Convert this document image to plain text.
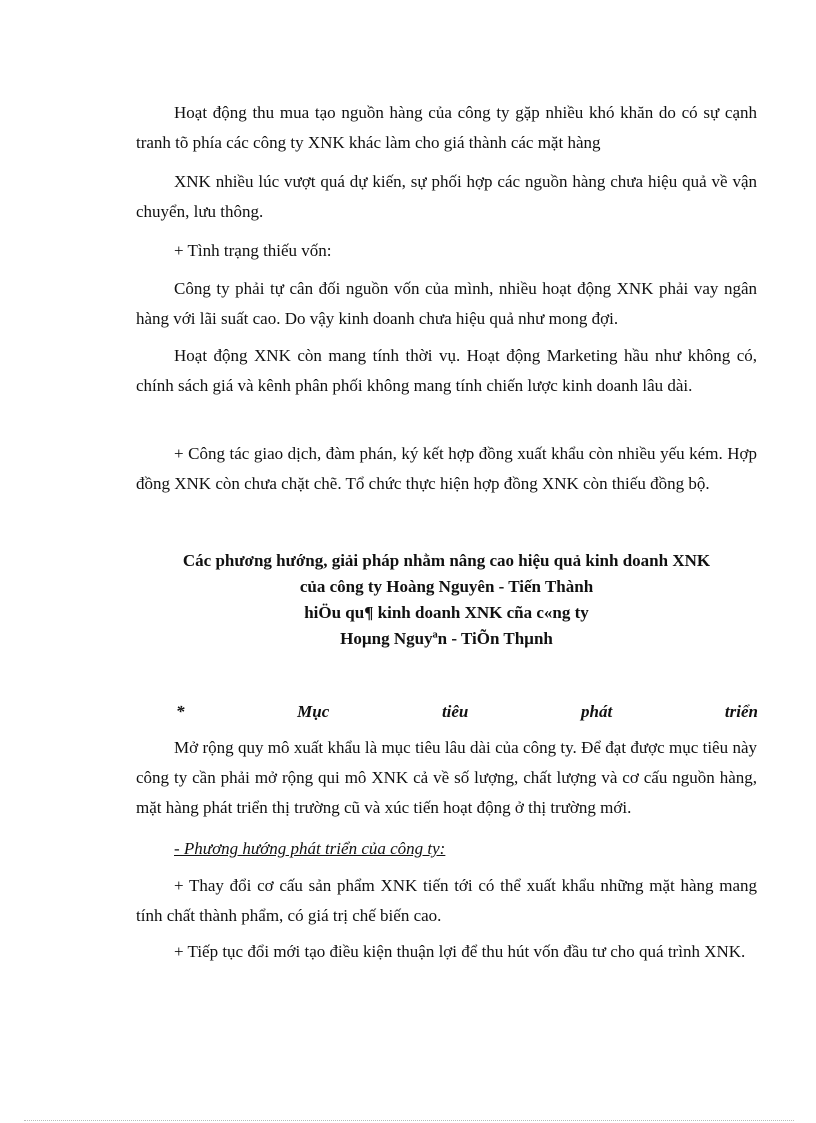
Hoạt động thu mua tạo nguồn hàng của công ty gặp nhiều khó khăn do có sự cạnh tranh tõ phía các công ty XNK khác làm cho giá thành các mặt hàng

XNK nhiều lúc vượt quá dự kiến, sự phối hợp các nguồn hàng chưa hiệu quả về vận chuyển, lưu thông.

+ Tình trạng thiếu vốn:

Công ty phải tự cân đối nguồn vốn của mình, nhiều hoạt động XNK phải vay ngân hàng với lãi suất cao. Do vậy kinh doanh chưa hiệu quả như mong đợi.

Hoạt động XNK còn mang tính thời vụ. Hoạt động Marketing hầu như không có, chính sách giá và kênh phân phối không mang tính chiến lược kinh doanh lâu dài.

+ Công tác giao dịch, đàm phán, ký kết hợp đồng xuất khẩu còn nhiều yếu kém. Hợp đồng XNK còn chưa chặt chẽ. Tổ chức thực hiện hợp đồng XNK còn thiếu đồng bộ.

Các phương hướng, giải pháp nhằm nâng cao hiệu quả kinh doanh XNK

của công ty Hoàng Nguyên - Tiến Thành

hiÖu qu¶ kinh doanh XNK cña c«ng ty

Hoµng Nguyªn - TiÕn Thµnh

*	Mục	tiêu	phát	triển

Mở rộng quy mô xuất khẩu là mục tiêu lâu dài của công ty. Để đạt được mục tiêu này công ty cần phải mở rộng qui mô XNK cả về số lượng, chất lượng và cơ cấu nguồn hàng, mặt hàng phát triển thị trường cũ và xúc tiến hoạt động ở thị trường mới.

- Phương hướng phát triển của công ty:

+ Thay đổi cơ cấu sản phẩm XNK tiến tới có thể xuất khẩu những mặt hàng mang tính chất thành phẩm, có giá trị chế biến cao.

+ Tiếp tục đổi mới tạo điều kiện thuận lợi để thu hút vốn đầu tư cho quá trình XNK.
